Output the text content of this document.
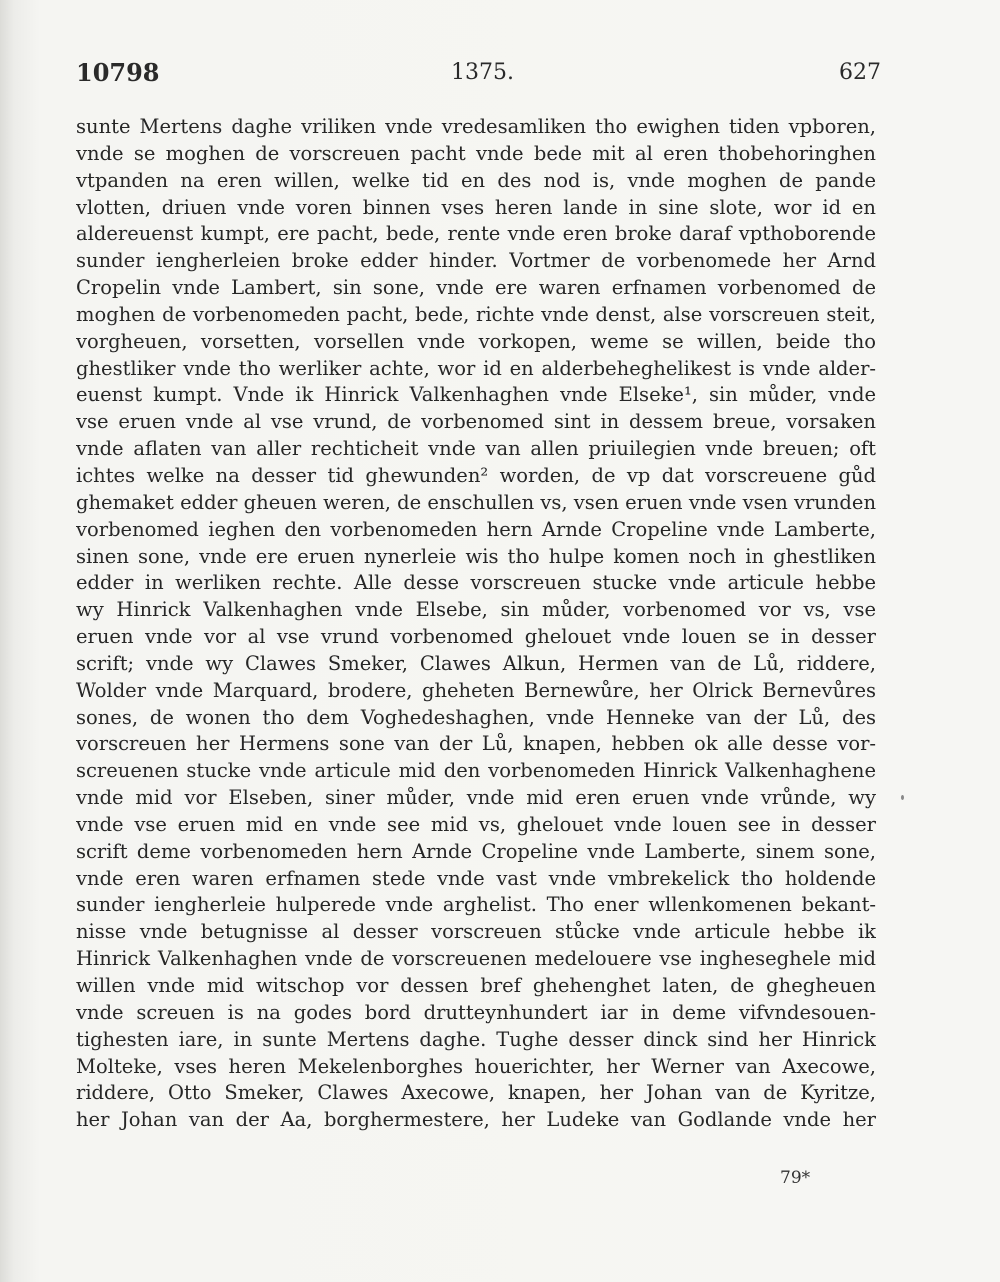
10798	1375.	627
sunte Mertens daghe vriliken vnde vredesamliken tho ewighen tiden vpboren,
vnde se moghen de vorscreuen pacht vnde bede mit al eren thobehoringhen
vtpanden na eren willen, welke tid en des nod is, vnde moghen de pande
vlotten, driuen vnde voren binnen vses heren lande in sine slote, wor id en
aldereuenst kumpt, ere pacht, bede, rente vnde eren broke daraf vpthoborende
sunder iengherleien broke edder hinder. Vortmer de vorbenomede her Arnd
Cropelin vnde Lambert, sin sone, vnde ere waren erfnamen vorbenomed de
moghen de vorbenomeden pacht, bede, richte vnde denst, alse vorscreuen steit,
vorgheuen, vorsetten, vorsellen vnde vorkopen, weme se willen, beide tho
ghestliker vnde tho werliker achte, wor id en alderbeheghelikest is vnde alder-
euenst kumpt. Vnde ik Hinrick Valkenhaghen vnde Elseke¹, sin můder, vnde
vse eruen vnde al vse vrund, de vorbenomed sint in dessem breue, vorsaken
vnde aflaten van aller rechticheit vnde van allen priuilegien vnde breuen; oft
ichtes welke na desser tid ghewunden² worden, de vp dat vorscreuene gůd
ghemaket edder gheuen weren, de enschullen vs, vsen eruen vnde vsen vrunden
vorbenomed ieghen den vorbenomeden hern Arnde Cropeline vnde Lamberte,
sinen sone, vnde ere eruen nynerleie wis tho hulpe komen noch in ghestliken
edder in werliken rechte. Alle desse vorscreuen stucke vnde articule hebbe
wy Hinrick Valkenhaghen vnde Elsebe, sin můder, vorbenomed vor vs, vse
eruen vnde vor al vse vrund vorbenomed ghelouet vnde louen se in desser
scrift; vnde wy Clawes Smeker, Clawes Alkun, Hermen van de Lů, riddere,
Wolder vnde Marquard, brodere, gheheten Bernewůre, her Olrick Bernevůres
sones, de wonen tho dem Voghedeshaghen, vnde Henneke van der Lů, des
vorscreuen her Hermens sone van der Lů, knapen, hebben ok alle desse vor-
screuenen stucke vnde articule mid den vorbenomeden Hinrick Valkenhaghene
vnde mid vor Elseben, siner můder, vnde mid eren eruen vnde vrůnde, wy
vnde vse eruen mid en vnde see mid vs, ghelouet vnde louen see in desser
scrift deme vorbenomeden hern Arnde Cropeline vnde Lamberte, sinem sone,
vnde eren waren erfnamen stede vnde vast vnde vmbrekelick tho holdende
sunder iengherleie hulperede vnde arghelist. Tho ener wllenkomenen bekant-
nisse vnde betugnisse al desser vorscreuen stůcke vnde articule hebbe ik
Hinrick Valkenhaghen vnde de vorscreuenen medelouere vse ingheseghele mid
willen vnde mid witschop vor dessen bref ghehenghet laten, de ghegheuen
vnde screuen is na godes bord drutteynhundert iar in deme vifvndesouen-
tighesten iare, in sunte Mertens daghe. Tughe desser dinck sind her Hinrick
Molteke, vses heren Mekelenborghes houerichter, her Werner van Axecowe,
riddere, Otto Smeker, Clawes Axecowe, knapen, her Johan van de Kyritze,
her Johan van der Aa, borghermestere, her Ludeke van Godlande vnde her
79*
